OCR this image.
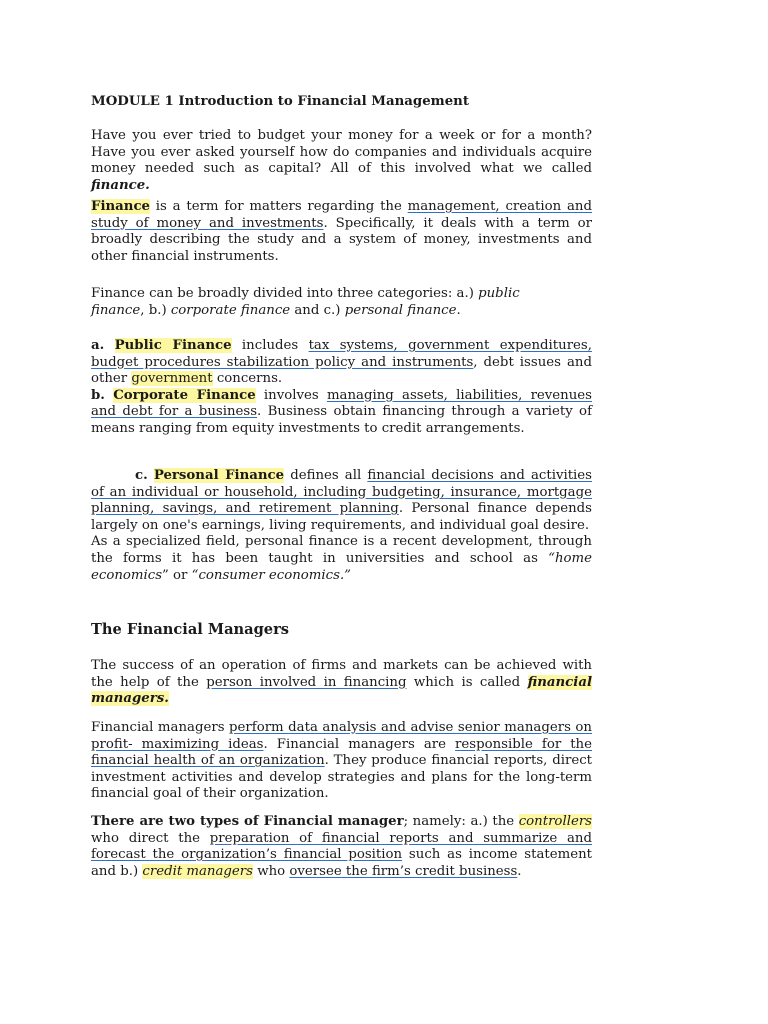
MODULE 1 Introduction to Financial Management

Have you ever tried to budget your money for a week or for a month? Have you ever asked yourself how do companies and individuals acquire money needed such as capital? All of this involved what we called finance.

Finance is a term for matters regarding the management, creation and study of money and investments. Specifically, it deals with a term or broadly describing the study and a system of money, investments and other financial instruments.

Finance can be broadly divided into three categories: a.) public finance, b.) corporate finance and c.) personal finance.

a. Public Finance includes tax systems, government expenditures, budget procedures stabilization policy and instruments, debt issues and other government concerns.
b. Corporate Finance involves managing assets, liabilities, revenues and debt for a business. Business obtain financing through a variety of means ranging from equity investments to credit arrangements.

c. Personal Finance defines all financial decisions and activities of an individual or household, including budgeting, insurance, mortgage planning, savings, and retirement planning. Personal finance depends largely on one's earnings, living requirements, and individual goal desire.
As a specialized field, personal finance is a recent development, through the forms it has been taught in universities and school as “home economics” or “consumer economics.”

The Financial Managers

The success of an operation of firms and markets can be achieved with the help of the person involved in financing which is called financial managers.

Financial managers perform data analysis and advise senior managers on profit- maximizing ideas. Financial managers are responsible for the financial health of an organization. They produce financial reports, direct investment activities and develop strategies and plans for the long-term financial goal of their organization.

There are two types of Financial manager; namely: a.) the controllers who direct the preparation of financial reports and summarize and forecast the organization’s financial position such as income statement and b.) credit managers who oversee the firm’s credit business.
